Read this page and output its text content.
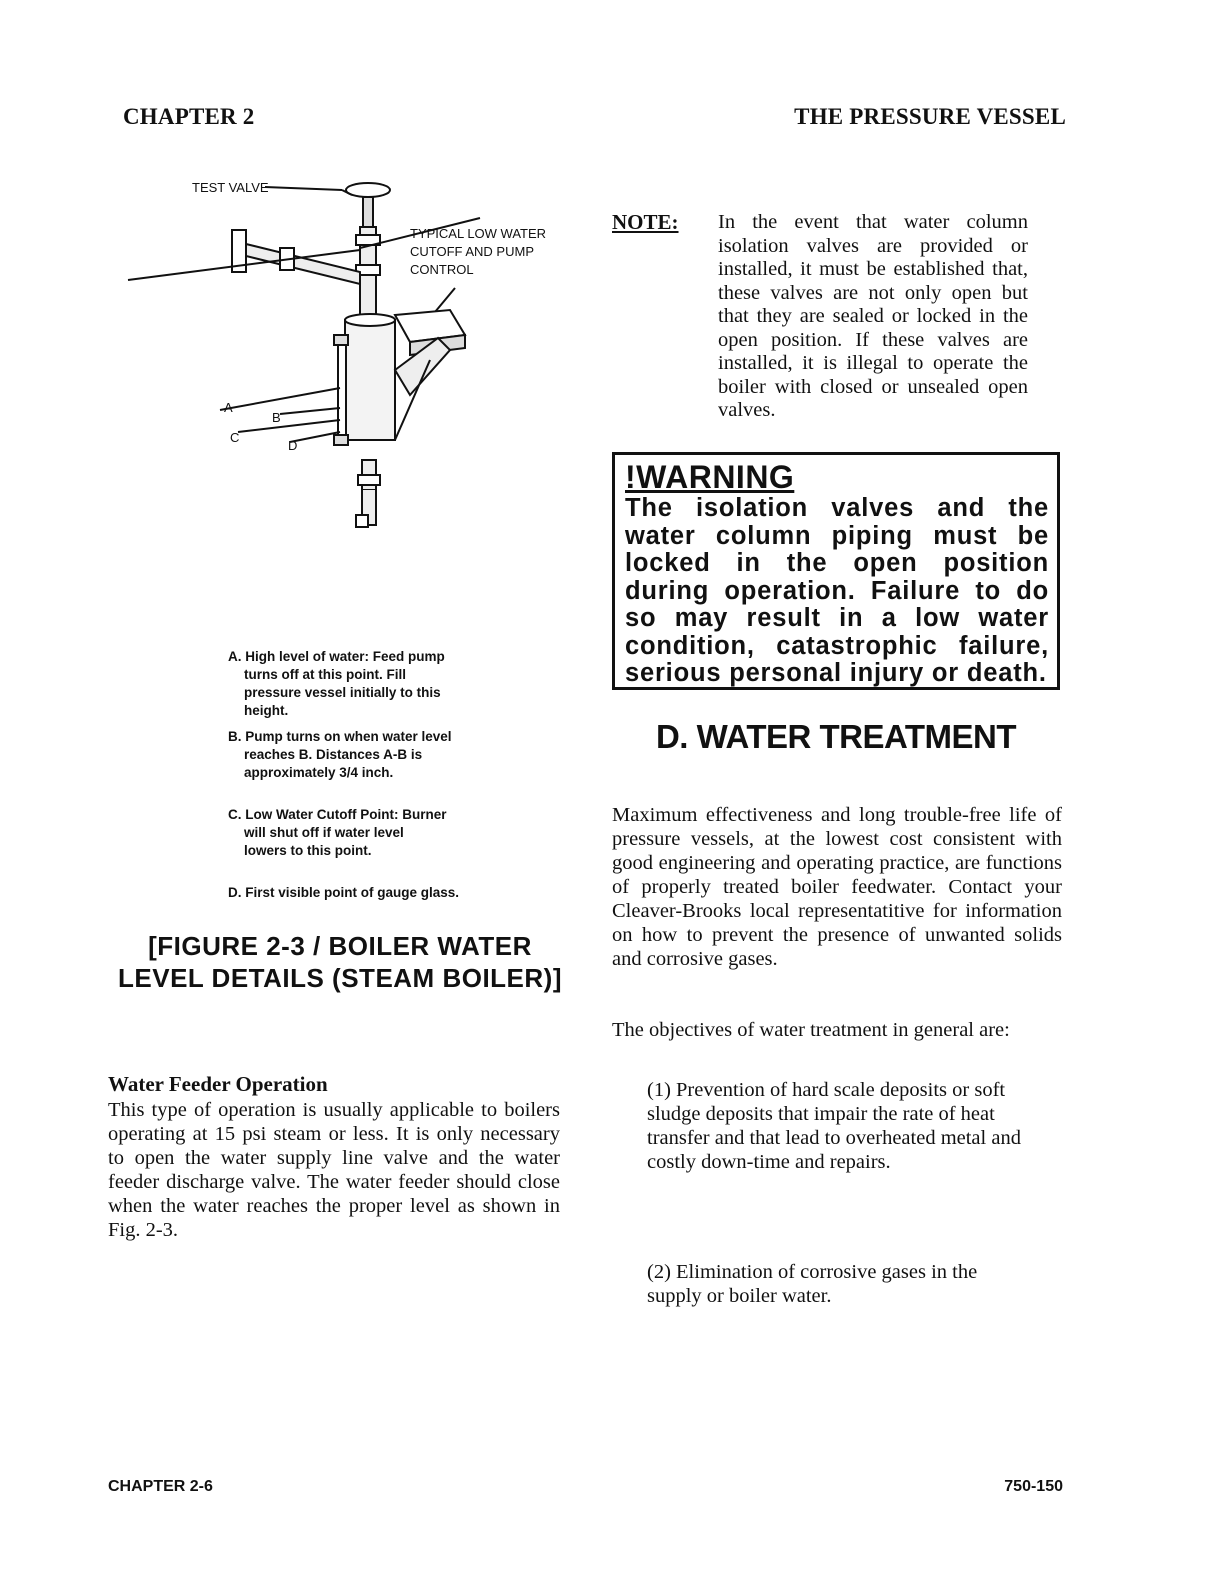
CHAPTER 2	THE PRESSURE VESSEL
TEST VALVE
TYPICAL LOW WATER
CUTOFF AND PUMP
CONTROL
A
B
C
D
A. High level of water: Feed pump
turns off at this point. Fill
pressure vessel initially to this
height.
B. Pump turns on when water level
reaches B. Distances A-B is
approximately 3/4 inch.
C. Low Water Cutoff Point: Burner
will shut off if water level
lowers to this point.
D. First visible point of gauge glass.
[FIGURE 2-3 / BOILER WATER
LEVEL DETAILS (STEAM BOILER)]
Water Feeder Operation
This type of operation is usually applicable to boilers operating at 15 psi steam or less. It is only necessary to open the water supply line valve and the water feeder discharge valve. The water feeder should close when the water reaches the proper level as shown in Fig. 2-3.
NOTE: In the event that water column isolation valves are provided or installed, it must be established that, these valves are not only open but that they are sealed or locked in the open position. If these valves are installed, it is illegal to operate the boiler with closed or unsealed open valves.
!WARNING
The isolation valves and the water column piping must be locked in the open position during operation. Failure to do so may result in a low water condition, catastrophic failure, serious personal injury or death.
D. WATER TREATMENT
Maximum effectiveness and long trouble-free life of pressure vessels, at the lowest cost consistent with good engineering and operating practice, are functions of properly treated boiler feedwater. Contact your Cleaver-Brooks local representatitive for information on how to prevent the presence of unwanted solids and corrosive gases.
The objectives of water treatment in general are:
(1) Prevention of hard scale deposits or soft sludge deposits that impair the rate of heat transfer and that lead to overheated metal and costly down-time and repairs.
(2) Elimination of corrosive gases in the supply or boiler water.
CHAPTER 2-6	750-150
